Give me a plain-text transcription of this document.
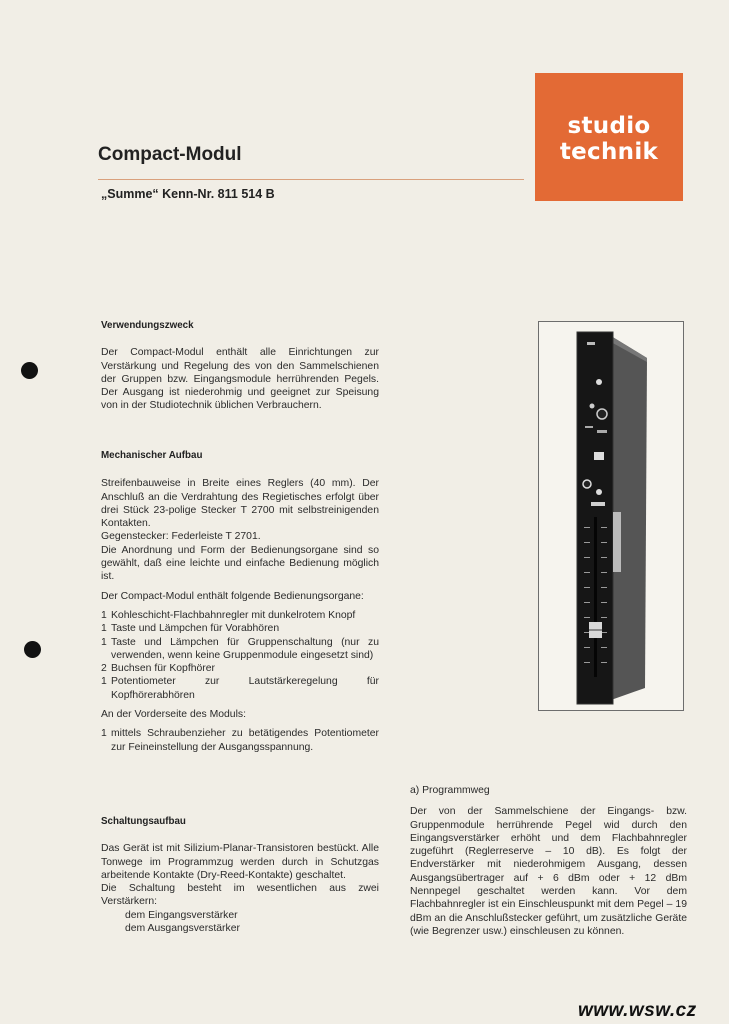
studio
technik
Compact-Modul
„Summe“ Kenn-Nr. 811 514 B
Verwendungszweck

Der Compact-Modul enthält alle Einrichtungen zur Verstärkung und Regelung des von den Sammelschienen der Gruppen bzw. Eingangsmodule herrührenden Pegels. Der Ausgang ist niederohmig und geeignet zur Speisung von in der Studiotechnik üblichen Verbrauchern.

Mechanischer Aufbau

Streifenbauweise in Breite eines Reglers (40 mm). Der Anschluß an die Verdrahtung des Regietisches erfolgt über drei Stück 23-polige Stecker T 2700 mit selbstreinigenden Kontakten.

Gegenstecker: Federleiste T 2701.

Die Anordnung und Form der Bedienungsorgane sind so gewählt, daß eine leichte und einfache Bedienung möglich ist.

Der Compact-Modul enthält folgende Bedienungsorgane:

1 Kohleschicht-Flachbahnregler mit dunkelrotem Knopf
1 Taste und Lämpchen für Vorabhören
1 Taste und Lämpchen für Gruppenschaltung (nur zu verwenden, wenn keine Gruppenmodule eingesetzt sind)
2 Buchsen für Kopfhörer
1 Potentiometer zur Lautstärkeregelung für Kopfhörerabhören

An der Vorderseite des Moduls:

1 mittels Schraubenzieher zu betätigendes Potentiometer zur Feineinstellung der Ausgangsspannung.
Schaltungsaufbau

Das Gerät ist mit Silizium-Planar-Transistoren bestückt. Alle Tonwege im Programmzug werden durch in Schutzgas arbeitende Kontakte (Dry-Reed-Kontakte) geschaltet.

Die Schaltung besteht im wesentlichen aus zwei Verstärkern:

dem Eingangsverstärker

dem Ausgangsverstärker

a) Programmweg

Der von der Sammelschiene der Eingangs- bzw. Gruppenmodule herrührende Pegel wid durch den Eingangsverstärker erhöht und dem Flachbahnregler zugeführt (Reglerreserve – 10 dB). Es folgt der Endverstärker mit niederohmigem Ausgang, dessen Ausgangsübertrager auf + 6 dBm oder + 12 dBm Nennpegel geschaltet werden kann. Vor dem Flachbahnregler ist ein Einschleuspunkt mit dem Pegel – 19 dBm an die Anschlußstecker geführt, um zusätzliche Geräte (wie Begrenzer usw.) einschleusen zu können.

www.wsw.cz
